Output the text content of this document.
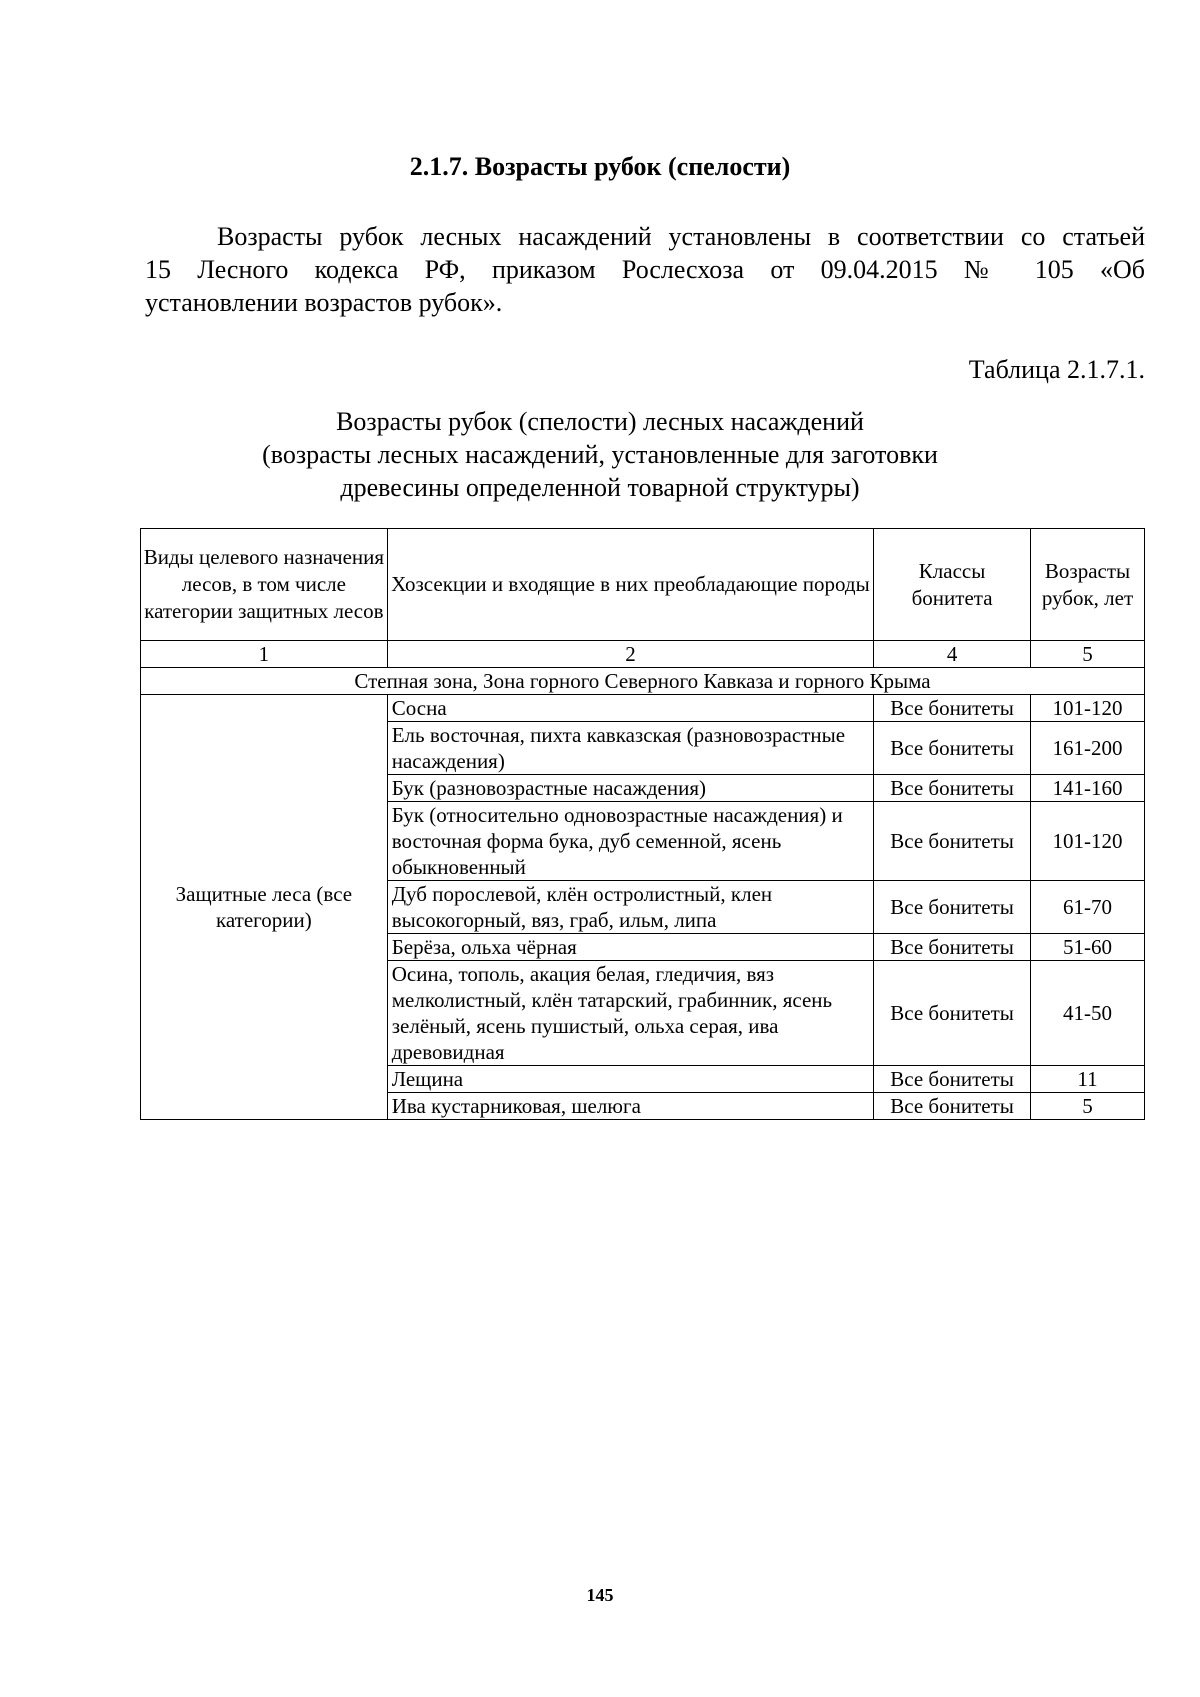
2.1.7. Возрасты рубок (спелости)
Возрасты рубок лесных насаждений установлены в соответствии со статьей
15 Лесного кодекса РФ, приказом Рослесхоза от 09.04.2015 № 105 «Об
установлении возрастов рубок».
Таблица 2.1.7.1.
Возрасты рубок (спелости) лесных насаждений
(возрасты лесных насаждений, установленные для заготовки
древесины определенной товарной структуры)
Виды целевого назначения лесов, в том числе категории защитных лесов	Хозсекции и входящие в них преобладающие породы	Классы бонитета	Возрасты рубок, лет
1	2	4	5
Степная зона, Зона горного Северного Кавказа и горного Крыма			
Защитные леса (все категории)	Сосна	Все бонитеты	101-120
	Ель восточная, пихта кавказская (разновозрастные насаждения)	Все бонитеты	161-200
	Бук (разновозрастные насаждения)	Все бонитеты	141-160
	Бук (относительно одновозрастные насаждения) и восточная форма бука, дуб семенной, ясень обыкновенный	Все бонитеты	101-120
	Дуб порослевой, клён остролистный, клен высокогорный, вяз, граб, ильм, липа	Все бонитеты	61-70
	Берёза, ольха чёрная	Все бонитеты	51-60
	Осина, тополь, акация белая, гледичия, вяз мелколистный, клён татарский, грабинник, ясень зелёный, ясень пушистый, ольха серая, ива древовидная	Все бонитеты	41-50
	Лещина	Все бонитеты	11
	Ива кустарниковая, шелюга	Все бонитеты	5
145
